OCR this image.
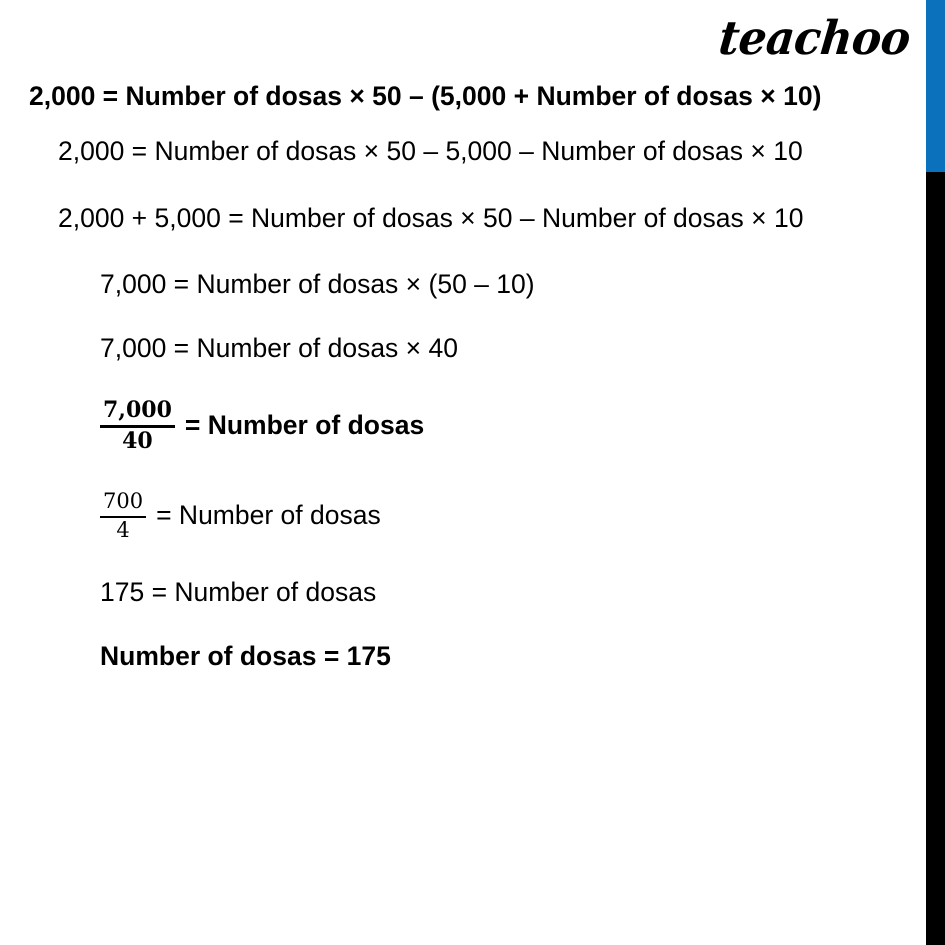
teachoo
2,000 = Number of dosas × 50 – (5,000 + Number of dosas × 10)
2,000 = Number of dosas × 50 – 5,000 – Number of dosas × 10
2,000 + 5,000 = Number of dosas × 50 – Number of dosas × 10
7,000 = Number of dosas × (50 – 10)
7,000 = Number of dosas × 40
$\frac{7,000}{40}$ = Number of dosas
$\frac{700}{4}$ = Number of dosas
175 = Number of dosas
Number of dosas = 175
